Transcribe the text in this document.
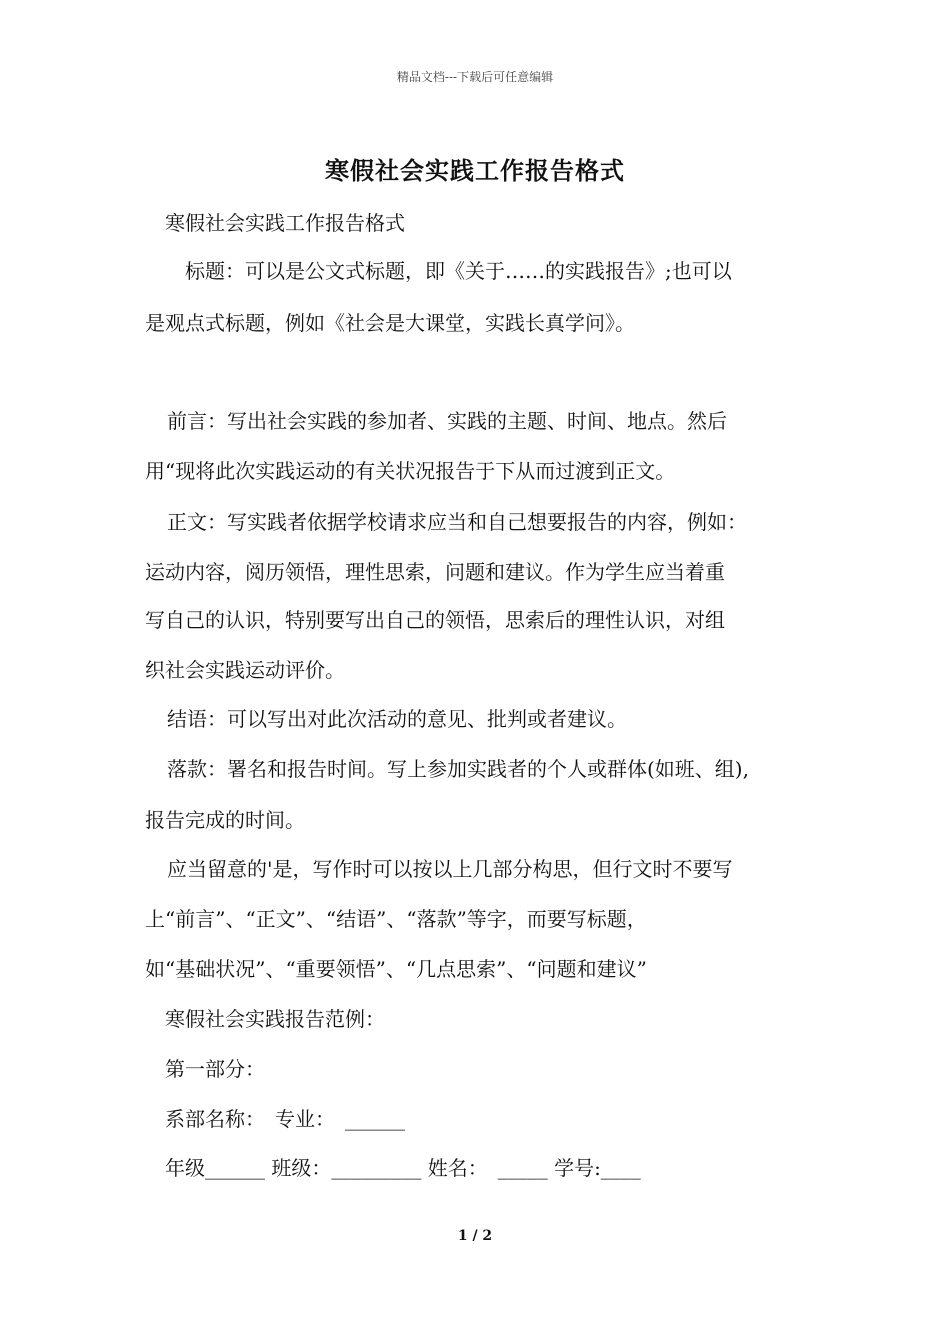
精品文档---下载后可任意编辑
寒假社会实践工作报告格式
寒假社会实践工作报告格式
标题：可以是公文式标题，即《关于……的实践报告》;也可以
是观点式标题，例如《社会是大课堂，实践长真学问》。
前言：写出社会实践的参加者、实践的主题、时间、地点。然后
用“现将此次实践运动的有关状况报告于下从而过渡到正文。
正文：写实践者依据学校请求应当和自己想要报告的内容，例如：
运动内容，阅历领悟，理性思索，问题和建议。作为学生应当着重
写自己的认识，特别要写出自己的领悟，思索后的理性认识，对组
织社会实践运动评价。
结语：可以写出对此次活动的意见、批判或者建议。
落款：署名和报告时间。写上参加实践者的个人或群体(如班、组),
报告完成的时间。
应当留意的'是，写作时可以按以上几部分构思，但行文时不要写
上“前言”、“正文”、“结语”、“落款”等字，而要写标题，
如“基础状况”、“重要领悟”、“几点思索”、“问题和建议”
寒假社会实践报告范例：
第一部分：
系部名称：　专业：　______
年级______ 班级：_________ 姓名：　_____ 学号:____
1 / 2
